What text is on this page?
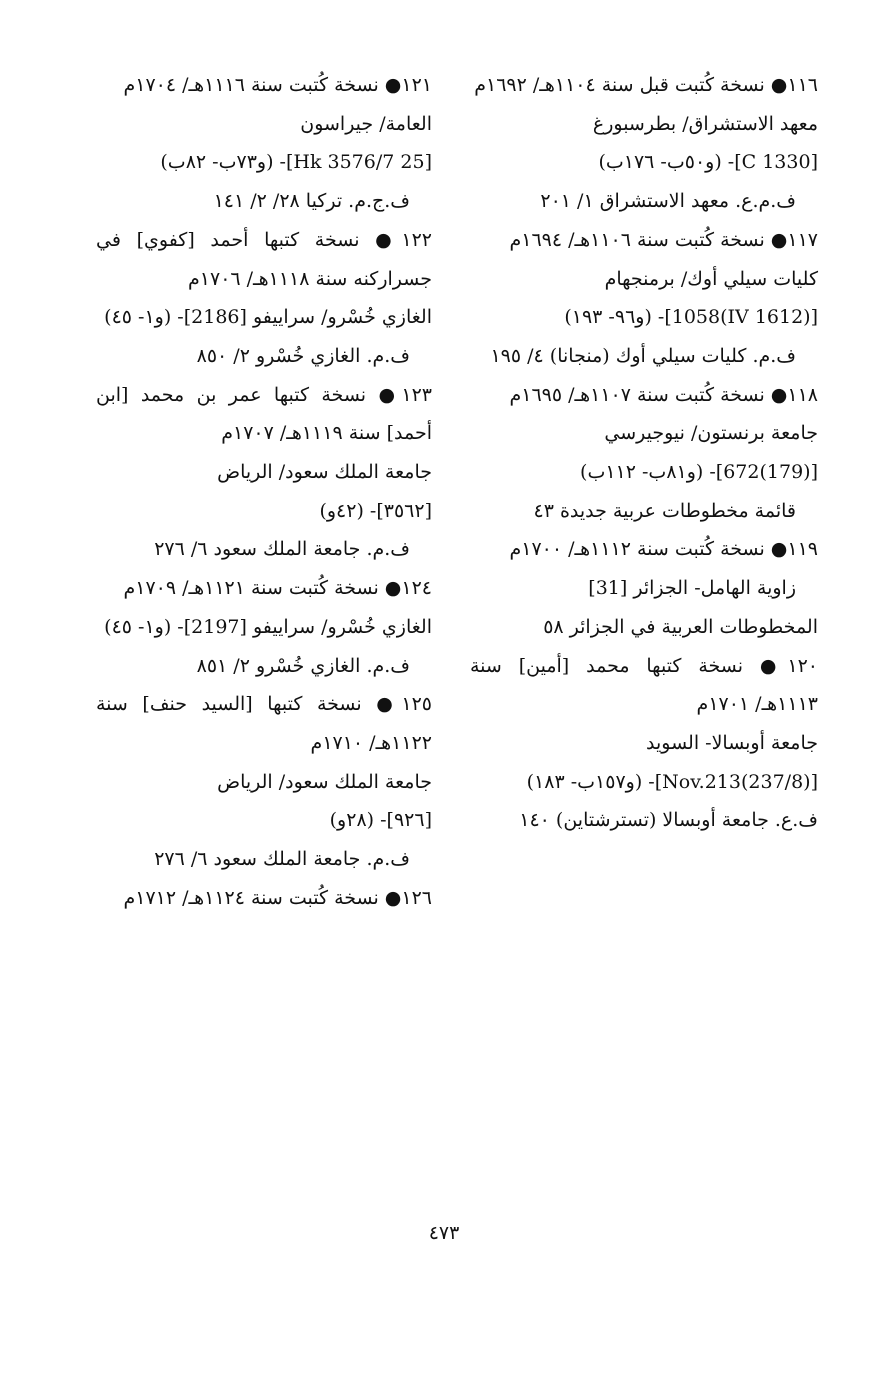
١١٦● نسخة كُتبت قبل سنة ١١٠٤هـ/ ١٦٩٢م

معهد الاستشراق/ بطرسبورغ

[C 1330]- (و٥٠ب- ١٧٦ب)

ف.م.ع. معهد الاستشراق ١/ ٢٠١

١١٧● نسخة كُتبت سنة ١١٠٦هـ/ ١٦٩٤م

كليات سيلي أوك/ برمنجهام

[(1612 IV)1058]- (و٩٦- ١٩٣)

ف.م. كليات سيلي أوك (منجانا) ٤/ ١٩٥

١١٨● نسخة كُتبت سنة ١١٠٧هـ/ ١٦٩٥م

جامعة برنستون/ نيوجيرسي

[(179)672]- (و٨١ب- ١١٢ب)

قائمة مخطوطات عربية جديدة ٤٣

١١٩● نسخة كُتبت سنة ١١١٢هـ/ ١٧٠٠م

زاوية الهامل- الجزائر [31]

المخطوطات العربية في الجزائر ٥٨

١٢٠● نسخة كتبها محمد [أمين] سنة ١١١٣هـ/ ١٧٠١م

جامعة أوبسالا- السويد

[(237/8)Nov.213]- (و١٥٧ب- ١٨٣)

ف.ع. جامعة أوبسالا (تسترشتاين) ١٤٠

١٢١● نسخة كُتبت سنة ١١١٦هـ/ ١٧٠٤م

العامة/ جيراسون

[25 Hk 3576/7]- (و٧٣ب- ٨٢ب)

ف.ج.م. تركيا ٢٨/ ٢/ ١٤١

١٢٢● نسخة كتبها أحمد [كفوي] في جسراركنه سنة ١١١٨هـ/ ١٧٠٦م

الغازي خُسْرو/ سراييفو [2186]- (و١- ٤٥)

ف.م. الغازي خُسْرو ٢/ ٨٥٠

١٢٣● نسخة كتبها عمر بن محمد [ابن أحمد] سنة ١١١٩هـ/ ١٧٠٧م

جامعة الملك سعود/ الرياض

[٣٥٦٢]- (٤٢و)

ف.م. جامعة الملك سعود ٦/ ٢٧٦

١٢٤● نسخة كُتبت سنة ١١٢١هـ/ ١٧٠٩م

الغازي خُسْرو/ سراييفو [2197]- (و١- ٤٥)

ف.م. الغازي خُسْرو ٢/ ٨٥١

١٢٥● نسخة كتبها [السيد حنف] سنة ١١٢٢هـ/ ١٧١٠م

جامعة الملك سعود/ الرياض

[٩٢٦]- (٢٨و)

ف.م. جامعة الملك سعود ٦/ ٢٧٦

١٢٦● نسخة كُتبت سنة ١١٢٤هـ/ ١٧١٢م

٤٧٣
